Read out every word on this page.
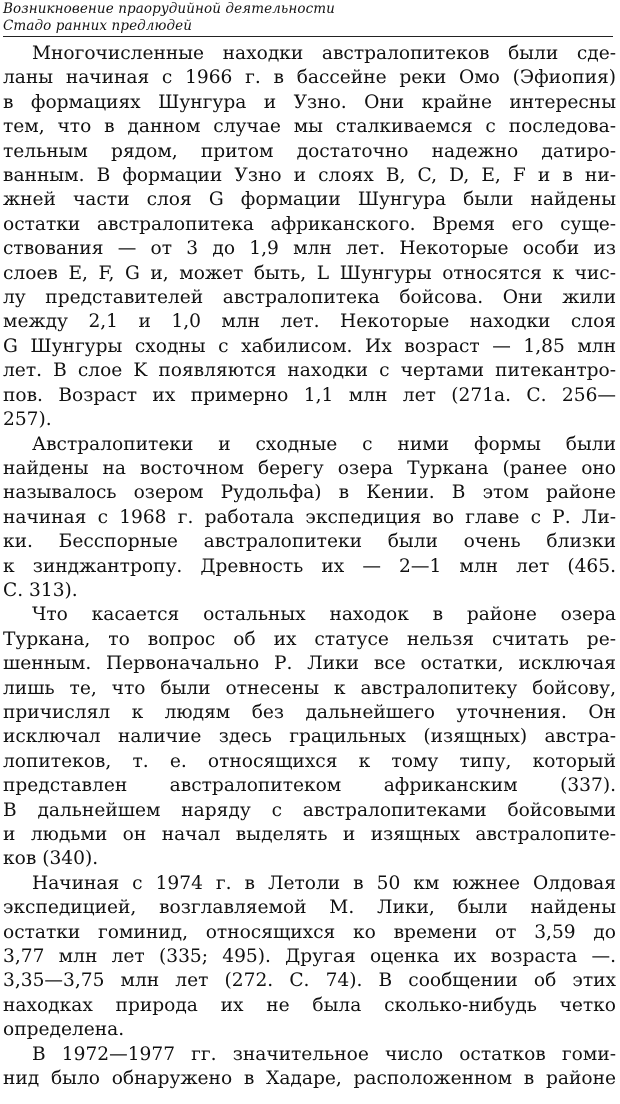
Возникновение праорудийной деятельности
Стадо ранних предлюдей
Многочисленные находки австралопитеков были сде-
ланы начиная с 1966 г. в бассейне реки Омо (Эфиопия)
в формациях Шунгура и Узно. Они крайне интересны
тем, что в данном случае мы сталкиваемся с последова-
тельным рядом, притом достаточно надежно датиро-
ванным. В формации Узно и слоях B, C, D, E, F и в ни-
жней части слоя G формации Шунгура были найдены
остатки австралопитека африканского. Время его суще-
ствования — от 3 до 1,9 млн лет. Некоторые особи из
слоев E, F, G и, может быть, L Шунгуры относятся к чис-
лу представителей австралопитека бойсова. Они жили
между 2,1 и 1,0 млн лет. Некоторые находки слоя
G Шунгуры сходны с хабилисом. Их возраст — 1,85 млн
лет. В слое K появляются находки с чертами питекантро-
пов. Возраст их примерно 1,1 млн лет (271а. С. 256—
257).
Австралопитеки и сходные с ними формы были
найдены на восточном берегу озера Туркана (ранее оно
называлось озером Рудольфа) в Кении. В этом районе
начиная с 1968 г. работала экспедиция во главе с Р. Ли-
ки. Бесспорные австралопитеки были очень близки
к зинджантропу. Древность их — 2—1 млн лет (465.
С. 313).
Что касается остальных находок в районе озера
Туркана, то вопрос об их статусе нельзя считать ре-
шенным. Первоначально Р. Лики все остатки, исключая
лишь те, что были отнесены к австралопитеку бойсову,
причислял к людям без дальнейшего уточнения. Он
исключал наличие здесь грацильных (изящных) австра-
лопитеков, т. е. относящихся к тому типу, который
представлен австралопитеком африканским (337).
В дальнейшем наряду с австралопитеками бойсовыми
и людьми он начал выделять и изящных австралопите-
ков (340).
Начиная с 1974 г. в Летоли в 50 км южнее Олдовая
экспедицией, возглавляемой М. Лики, были найдены
остатки гоминид, относящихся ко времени от 3,59 до
3,77 млн лет (335; 495). Другая оценка их возраста —.
3,35—3,75 млн лет (272. С. 74). В сообщении об этих
находках природа их не была сколько-нибудь четко
определена.
В 1972—1977 гг. значительное число остатков гоми-
нид было обнаружено в Хадаре, расположенном в районе
